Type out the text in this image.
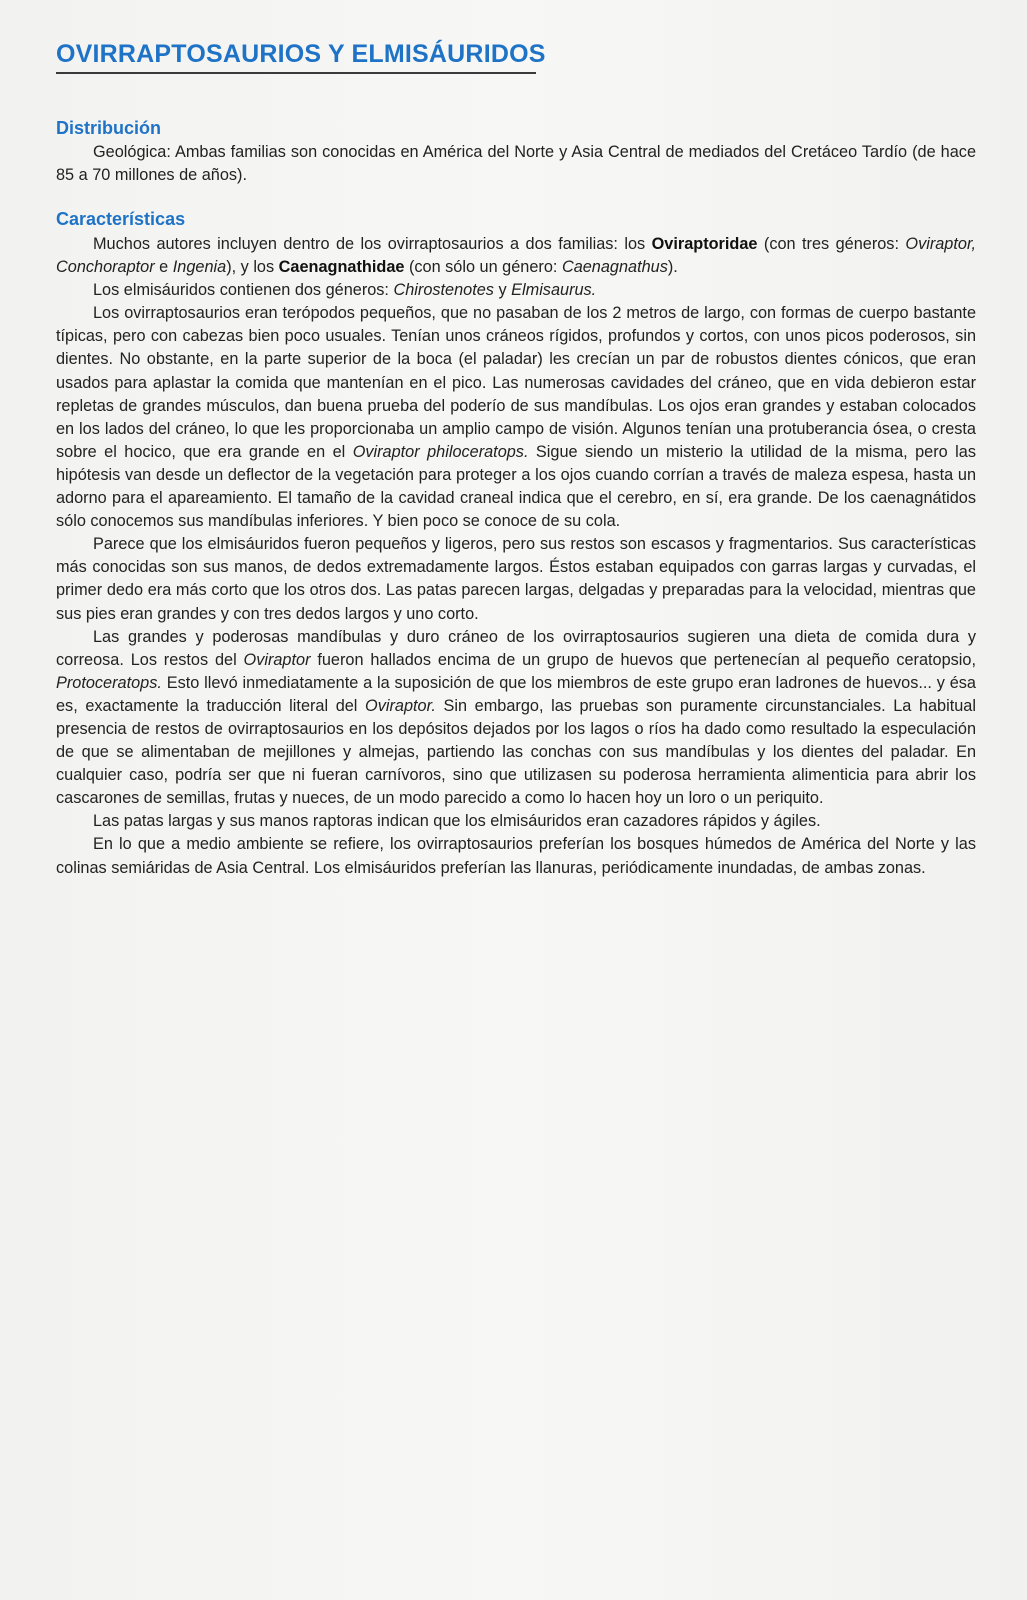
OVIRRAPTOSAURIOS Y ELMISÁURIDOS
Distribución

Geológica: Ambas familias son conocidas en América del Norte y Asia Central de mediados del Cretáceo Tardío (de hace 85 a 70 millones de años).

Características

Muchos autores incluyen dentro de los ovirraptosaurios a dos familias: los Oviraptoridae (con tres géneros: Oviraptor, Conchoraptor e Ingenia), y los Caenagnathidae (con sólo un género: Caenagnathus).

Los elmisáuridos contienen dos géneros: Chirostenotes y Elmisaurus.

Los ovirraptosaurios eran terópodos pequeños, que no pasaban de los 2 metros de largo, con formas de cuerpo bastante típicas, pero con cabezas bien poco usuales. Tenían unos cráneos rígidos, profundos y cortos, con unos picos poderosos, sin dientes. No obstante, en la parte superior de la boca (el paladar) les crecían un par de robustos dientes cónicos, que eran usados para aplastar la comida que mantenían en el pico. Las numerosas cavidades del cráneo, que en vida debieron estar repletas de grandes músculos, dan buena prueba del poderío de sus mandíbulas. Los ojos eran grandes y estaban colocados en los lados del cráneo, lo que les proporcionaba un amplio campo de visión. Algunos tenían una protuberancia ósea, o cresta sobre el hocico, que era grande en el Oviraptor philoceratops. Sigue siendo un misterio la utilidad de la misma, pero las hipótesis van desde un deflector de la vegetación para proteger a los ojos cuando corrían a través de maleza espesa, hasta un adorno para el apareamiento. El tamaño de la cavidad craneal indica que el cerebro, en sí, era grande. De los caenagnátidos sólo conocemos sus mandíbulas inferiores. Y bien poco se conoce de su cola.

Parece que los elmisáuridos fueron pequeños y ligeros, pero sus restos son escasos y fragmentarios. Sus características más conocidas son sus manos, de dedos extremadamente largos. Éstos estaban equipados con garras largas y curvadas, el primer dedo era más corto que los otros dos. Las patas parecen largas, delgadas y preparadas para la velocidad, mientras que sus pies eran grandes y con tres dedos largos y uno corto.

Las grandes y poderosas mandíbulas y duro cráneo de los ovirraptosaurios sugieren una dieta de comida dura y correosa. Los restos del Oviraptor fueron hallados encima de un grupo de huevos que pertenecían al pequeño ceratopsio, Protoceratops. Esto llevó inmediatamente a la suposición de que los miembros de este grupo eran ladrones de huevos... y ésa es, exactamente la traducción literal del Oviraptor. Sin embargo, las pruebas son puramente circunstanciales. La habitual presencia de restos de ovirraptosaurios en los depósitos dejados por los lagos o ríos ha dado como resultado la especulación de que se alimentaban de mejillones y almejas, partiendo las conchas con sus mandíbulas y los dientes del paladar. En cualquier caso, podría ser que ni fueran carnívoros, sino que utilizasen su poderosa herramienta alimenticia para abrir los cascarones de semillas, frutas y nueces, de un modo parecido a como lo hacen hoy un loro o un periquito.

Las patas largas y sus manos raptoras indican que los elmisáuridos eran cazadores rápidos y ágiles.

En lo que a medio ambiente se refiere, los ovirraptosaurios preferían los bosques húmedos de América del Norte y las colinas semiáridas de Asia Central. Los elmisáuridos preferían las llanuras, periódicamente inundadas, de ambas zonas.
